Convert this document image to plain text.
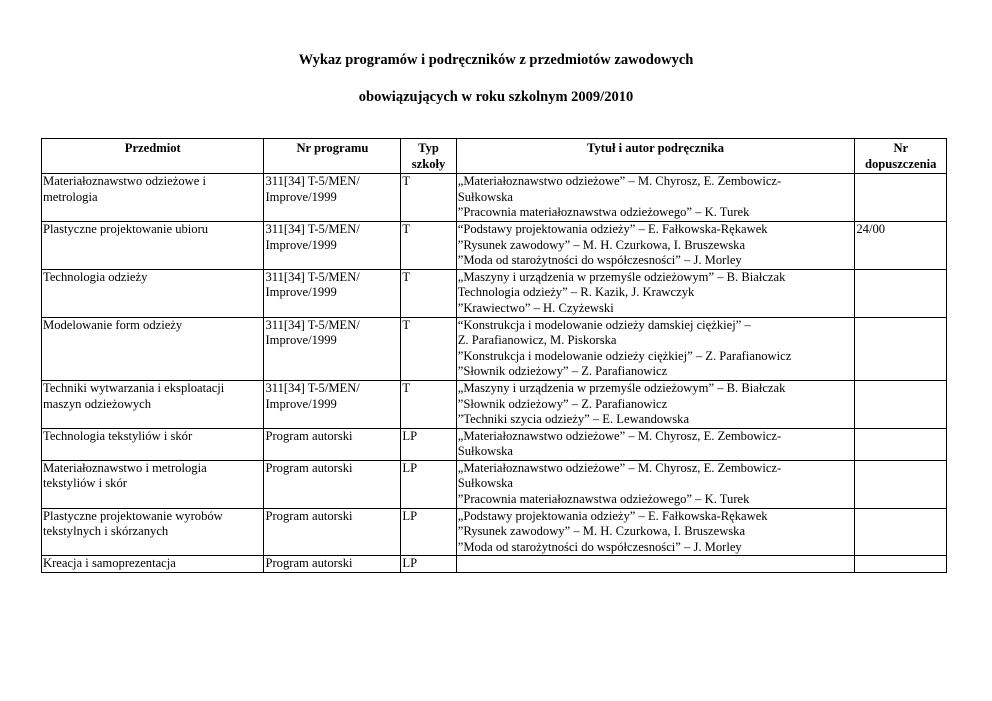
Wykaz programów i podręczników z przedmiotów zawodowych
obowiązujących w roku szkolnym 2009/2010
Przedmiot	Nr programu	Typ szkoły	Tytuł i autor podręcznika	Nr dopuszczenia

Materiałoznawstwo odzieżowe i
metrologia	311[34] T-5/MEN/
Improve/1999	T	„Materiałoznawstwo odzieżowe” – M. Chyrosz, E. Zembowicz-
Sułkowska
”Pracownia materiałoznawstwa odzieżowego” – K. Turek	

Plastyczne projektowanie ubioru	311[34] T-5/MEN/
Improve/1999	T	“Podstawy projektowania odzieży” – E. Fałkowska-Rękawek
”Rysunek zawodowy” – M. H. Czurkowa, I. Bruszewska
”Moda od starożytności do współczesności” – J. Morley	24/00

Technologia odzieży	311[34] T-5/MEN/
Improve/1999	T	„Maszyny i urządzenia w przemyśle odzieżowym” – B. Białczak
Technologia odzieży” – R. Kazik, J. Krawczyk
”Krawiectwo” – H. Czyżewski	

Modelowanie form odzieży	311[34] T-5/MEN/
Improve/1999	T	“Konstrukcja i modelowanie odzieży damskiej ciężkiej” –
Z. Parafianowicz, M. Piskorska
”Konstrukcja i modelowanie odzieży ciężkiej” – Z. Parafianowicz
”Słownik odzieżowy” – Z. Parafianowicz	

Techniki wytwarzania i eksploatacji
maszyn odzieżowych	311[34] T-5/MEN/
Improve/1999	T	„Maszyny i urządzenia w przemyśle odzieżowym” – B. Białczak
”Słownik odzieżowy” – Z. Parafianowicz
”Techniki szycia odzieży” – E. Lewandowska	

Technologia tekstyliów i skór	Program autorski	LP	„Materiałoznawstwo odzieżowe” – M. Chyrosz, E. Zembowicz-
Sułkowska	

Materiałoznawstwo i metrologia
tekstyliów i skór	Program autorski	LP	„Materiałoznawstwo odzieżowe” – M. Chyrosz, E. Zembowicz-
Sułkowska
”Pracownia materiałoznawstwa odzieżowego” – K. Turek	

Plastyczne projektowanie wyrobów
tekstylnych i skórzanych	Program autorski	LP	„Podstawy projektowania odzieży” – E. Fałkowska-Rękawek
”Rysunek zawodowy” – M. H. Czurkowa, I. Bruszewska
”Moda od starożytności do współczesności” – J. Morley	

Kreacja i samoprezentacja	Program autorski	LP		
